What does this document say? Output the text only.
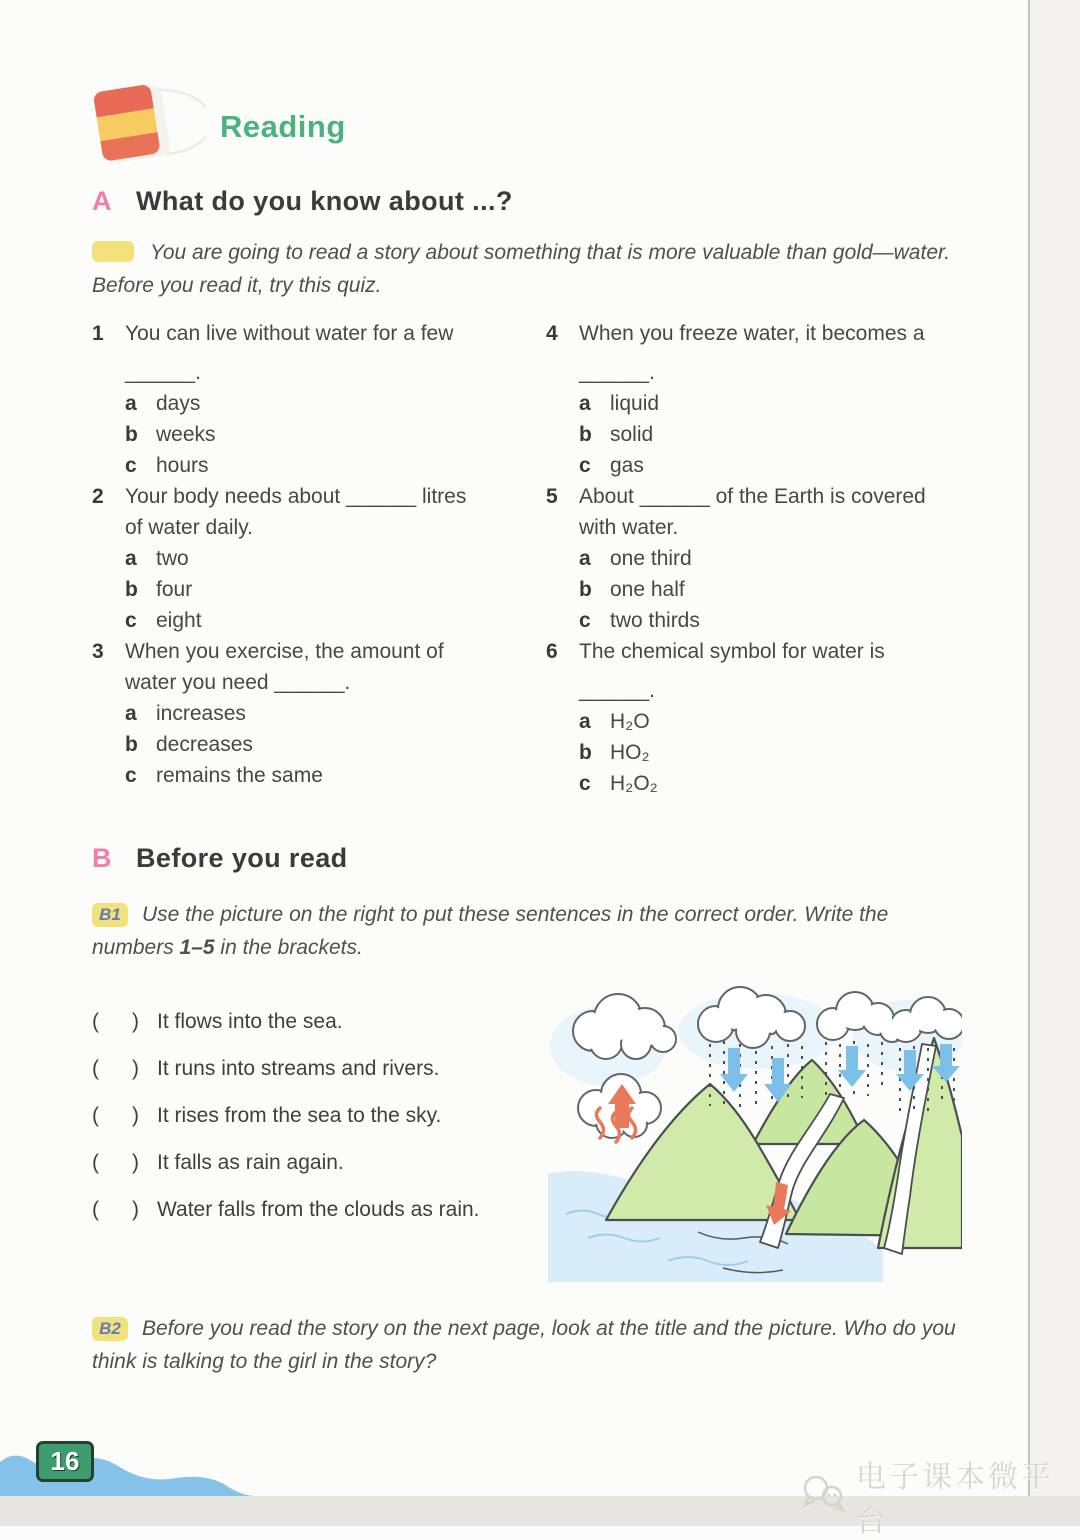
Reading
A What do you know about ...?

You are going to read a story about something that is more valuable than gold—water. Before you read it, try this quiz.

1	You can live without water for a few
______.
a days
b weeks
c hours
2	Your body needs about ______ litres
of water daily.
a two
b four
c eight
3	When you exercise, the amount of
water you need ______.
a increases
b decreases
c remains the same
4	When you freeze water, it becomes a
______.
a liquid
b solid
c gas
5	About ______ of the Earth is covered
with water.
a one third
b one half
c two thirds
6	The chemical symbol for water is
______.
a H₂O
b HO₂
c H₂O₂
B Before you read

B1 Use the picture on the right to put these sentences in the correct order. Write the numbers 1–5 in the brackets.

(	) It flows into the sea.
(	) It runs into streams and rivers.
(	) It rises from the sea to the sky.
(	) It falls as rain again.
(	) Water falls from the clouds as rain.

B2 Before you read the story on the next page, look at the title and the picture. Who do you think is talking to the girl in the story?

16	电子课本微平台
